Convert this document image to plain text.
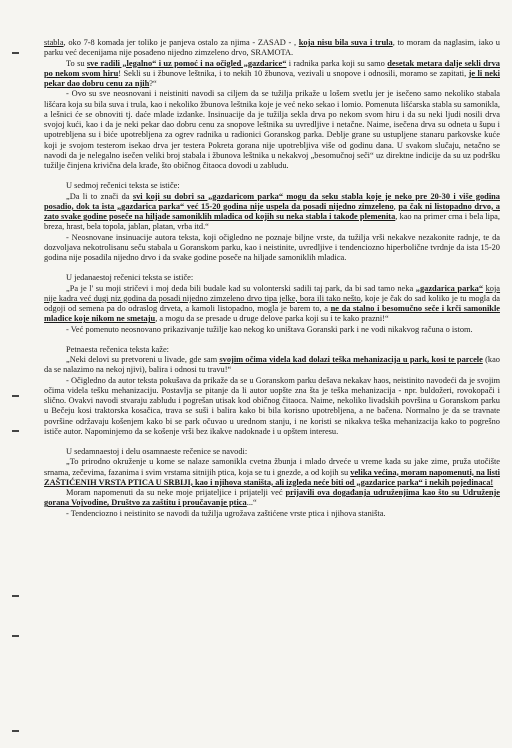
stabla, oko 7-8 komada jer toliko je panjeva ostalo za njima - ZASAD - , koja nisu bila suva i trula, to moram da naglasim, iako u parku već decenijama nije posađeno nijedno zimzeleno drvo, SRAMOTA.

To su sve radili „legalno“ i uz pomoć i na očigled „gazdarice“ i radnika parka koji su samo desetak metara dalje sekli drva po nekom svom hiru! Sekli su i žbunove leštnika, i to nekih 10 žbunova, vezivali u snopove i odnosili, moramo se zapitati, je li neki pekar dao dobru cenu za njih?“

- Ovo su sve neosnovani i neistiniti navodi sa ciljem da se tužilja prikaže u lošem svetlu jer je isečeno samo nekoliko stabala lišćara koja su bila suva i trula, kao i nekoliko žbunova leštnika koje je već neko sekao i lomio. Pomenuta lišćarska stabla su samonikla, a lešnici će se obnoviti tj. daće mlade izdanke. Insinuacije da je tužilja sekla drva po nekom svom hiru i da su neki ljudi nosili drva svojoj kući, kao i da je neki pekar dao dobru cenu za snopove leštnika su uvredljive i netačne. Naime, isečena drva su odneta u šupu i upotrebljena su i biće upotrebljena za ogrev radnika u radionici Goranskog parka. Deblje grane su ustupljene stanaru parkovske kuće koji je svojom testerom isekao drva jer testera Pokreta gorana nije upotrebljiva više od godinu dana. U svakom slučaju, netačno se navodi da je nelegalno isečen veliki broj stabala i žbunova leštnika u nekakvoj „besomučnoj seči“ uz direktne indicije da su uz podršku tužilje činjena krivična dela krađe, što običnog čitaoca dovodi u zabludu.

U sedmoj rečenici teksta se ističe:

„Da li to znači da svi koji su dobri sa „gazdaricom parka“ mogu da seku stabla koje je neko pre 20-30 i više godina posadio, dok ta ista „gazdarica parka“ već 15-20 godina nije uspela da posadi nijedno zimzeleno, pa čak ni listopadno drvo, a zato svake godine poseče na hiljade samoniklih mladica od kojih su neka stabla i takođe plemenita, kao na primer crna i bela lipa, breza, hrast, bela topola, jablan, platan, vrba itd.“

- Neosnovane insinuacije autora teksta, koji očigledno ne poznaje biljne vrste, da tužilja vrši nekakve nezakonite radnje, te da dozvoljava nekotrolisanu seču stabala u Goranskom parku, kao i neistinite, uvredljive i tendenciozno hiperbolične tvrdnje da ista 15-20 godina nije posadila nijedno drvo i da svake godine poseče na hiljade samoniklih mladica.

U jedanaestoj rečenici teksta se ističe:

„Pa je l' su moji stričevi i moj deda bili budale kad su volonterski sadili taj park, da bi sad tamo neka „gazdarica parka“ koja nije kadra već dugi niz godina da posadi nijedno zimzeleno drvo tipa jelke, bora ili tako nešto, koje je čak do sad koliko je tu mogla da odgoji od semena pa do odraslog drveta, a kamoli listopadno, mogla je barem to, a ne da stalno i besomučno seče i krči samonikle mladice koje nikom ne smetaju, a mogu da se presade u druge delove parka koji su i te kako prazni!“

- Već pomenuto neosnovano prikazivanje tužilje kao nekog ko uništava Goranski park i ne vodi nikakvog računa o istom.

Petnaesta rečenica teksta kaže:

„Neki delovi su pretvoreni u livade, gde sam svojim očima videla kad dolazi teška mehanizacija u park, kosi te parcele (kao da se nalazimo na nekoj njivi), balira i odnosi tu travu!“

- Očigledno da autor teksta pokušava da prikaže da se u Goranskom parku dešava nekakav haos, neistinito navodeći da je svojim očima videla tešku mehanizaciju. Postavlja se pitanje da li autor uopšte zna šta je teška mehanizacija - npr. buldožeri, rovokopači i slično. Ovakvi navodi stvaraju zabludu i pogrešan utisak kod običnog čitaoca. Naime, nekoliko livadskih površina u Goranskom parku u Bečeju kosi traktorska kosačica, trava se suši i balira kako bi bila korisno upotrebljena, a ne bačena. Normalno je da se travnate površine održavaju košenjem kako bi se park očuvao u urednom stanju, i ne koristi se nikakva teška mehanizacija kako to pogrešno ističe autor. Napominjemo da se košenje vrši bez ikakve nadoknade i u opštem interesu.

U sedamnaestoj i delu osamnaeste rečenice se navodi:

„To prirodno okruženje u kome se nalaze samonikla cvetna žbunja i mlado drveće u vreme kada su jake zime, pruža utočište srnama, zečevima, fazanima i svim vrstama sitnijih ptica, koja se tu i gnezde, a od kojih su velika većina, moram napomenuti, na listi ZAŠTIĆENIH VRSTA PTICA U SRBIJI, kao i njihova staništa, ali izgleda neće biti od „gazdarice parka“ i nekih pojedinaca!

Moram napomenuti da su neke moje prijateljice i prijatelji već prijavili ova događanja udruženjima kao što su Udruženje gorana Vojvodine, Društvo za zaštitu i proučavanje ptica...“

- Tendenciozno i neistinito se navodi da tužilja ugrožava zaštićene vrste ptica i njihova staništa.
